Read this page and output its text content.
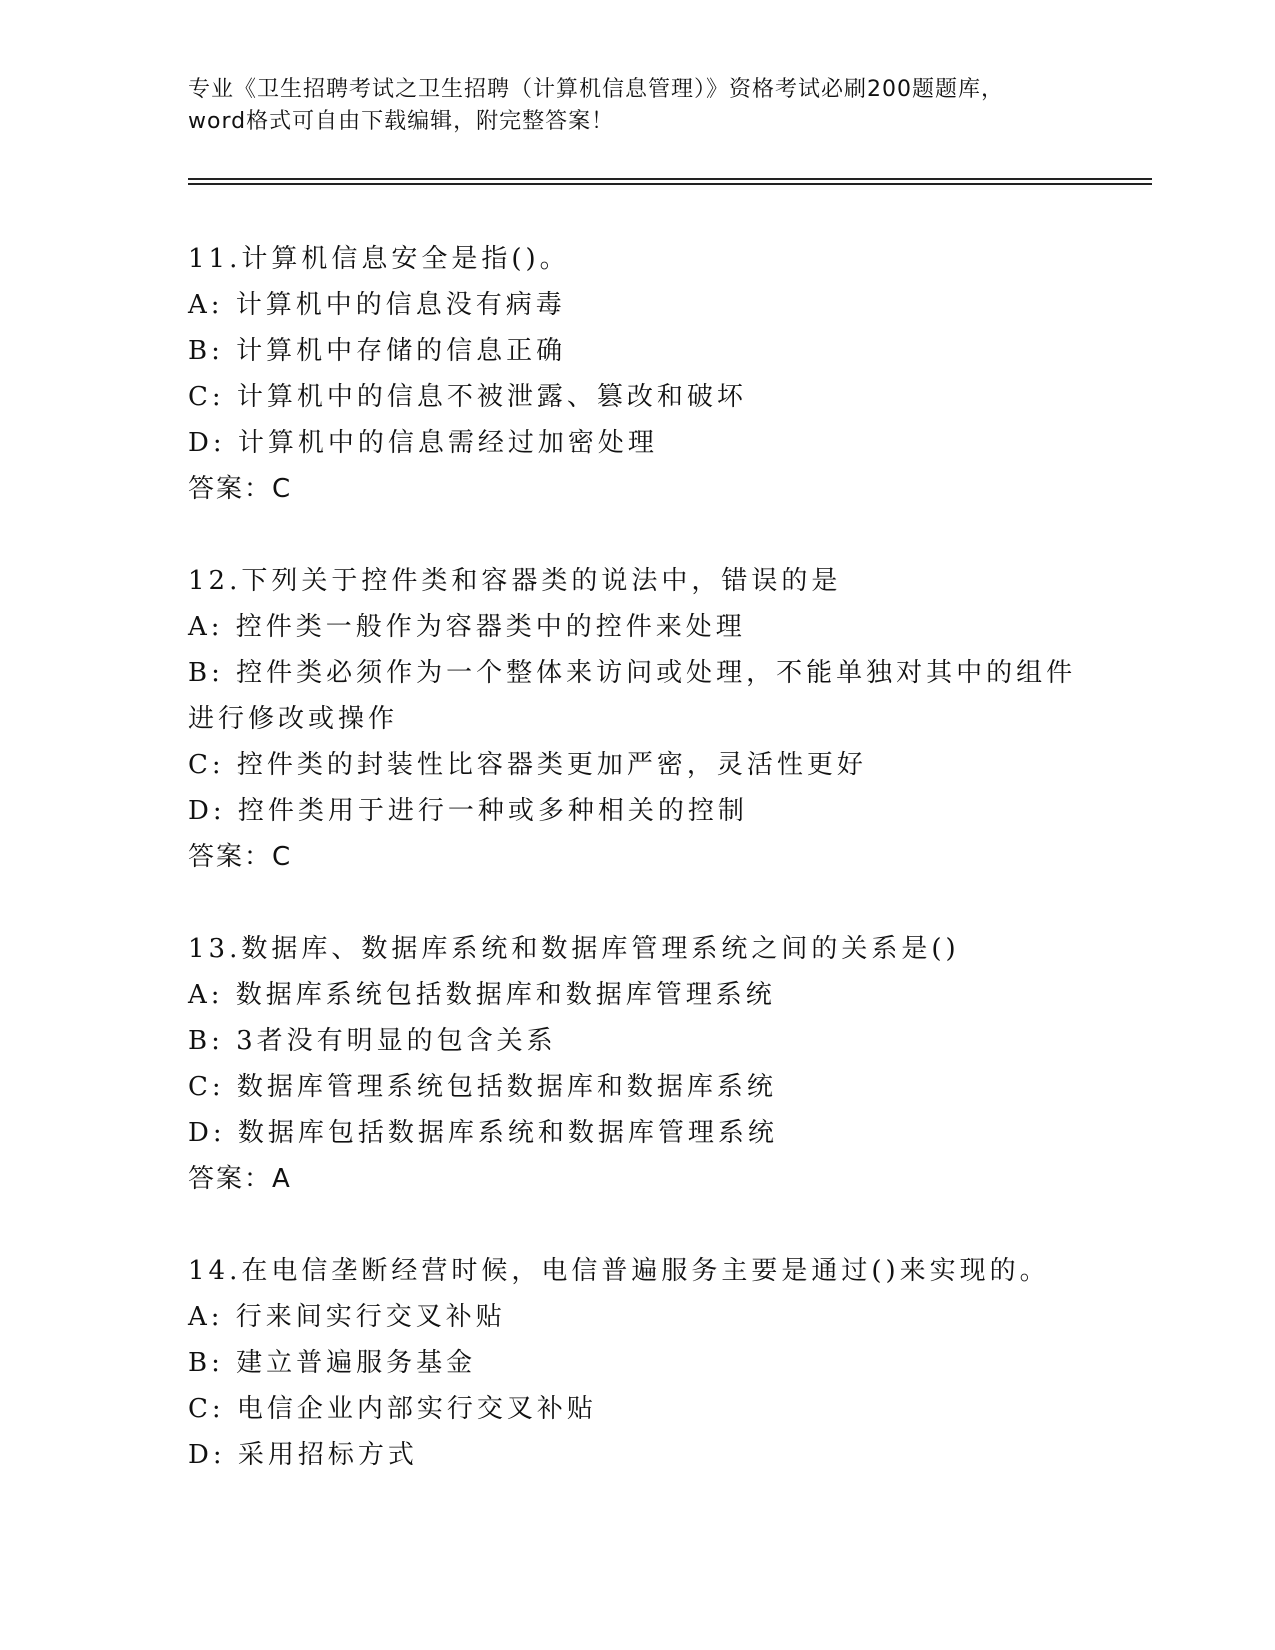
专业《卫生招聘考试之卫生招聘（计算机信息管理）》资格考试必刷200题题库，
word格式可自由下载编辑，附完整答案！
11.计算机信息安全是指()。
A: 计算机中的信息没有病毒
B: 计算机中存储的信息正确
C: 计算机中的信息不被泄露、篡改和破坏
D: 计算机中的信息需经过加密处理
答案：C
12.下列关于控件类和容器类的说法中，错误的是
A: 控件类一般作为容器类中的控件来处理
B: 控件类必须作为一个整体来访问或处理，不能单独对其中的组件进行修改或操作
C: 控件类的封装性比容器类更加严密，灵活性更好
D: 控件类用于进行一种或多种相关的控制
答案：C
13.数据库、数据库系统和数据库管理系统之间的关系是()
A: 数据库系统包括数据库和数据库管理系统
B: 3者没有明显的包含关系
C: 数据库管理系统包括数据库和数据库系统
D: 数据库包括数据库系统和数据库管理系统
答案：A
14.在电信垄断经营时候，电信普遍服务主要是通过()来实现的。
A: 行来间实行交叉补贴
B: 建立普遍服务基金
C: 电信企业内部实行交叉补贴
D: 采用招标方式
